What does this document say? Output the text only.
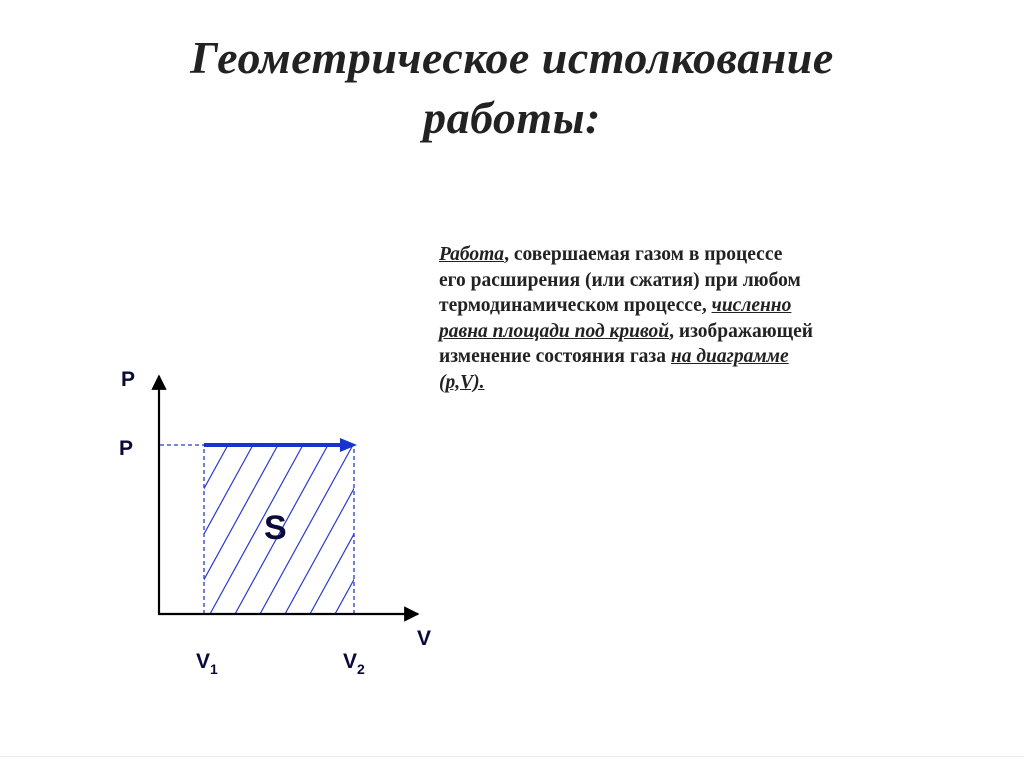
Геометрическое истолкование
работы:
Работа, совершаемая газом в процессе
его расширения (или сжатия) при любом
термодинамическом процессе, численно
равна площади под кривой, изображающей
изменение состояния газа на диаграмме
(p,V).
P
P
V
S
$V_1$	$V_2$
